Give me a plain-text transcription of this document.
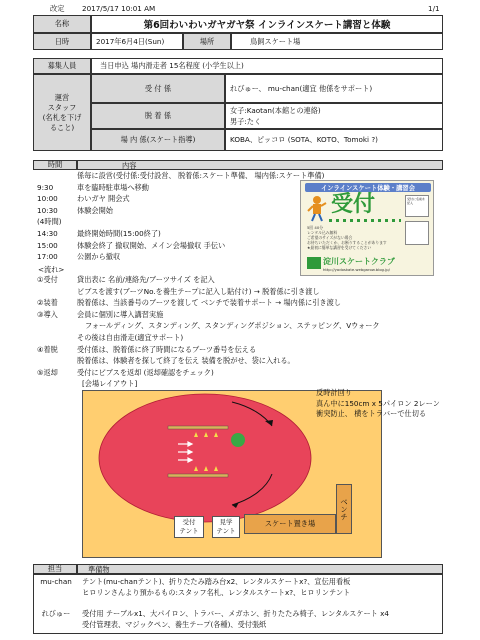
改定 2017/5/17 10:01 AM	1/1
名称	第6回わいわいガヤガヤ祭 インラインスケート講習と体験
日時	2017年6月4日(Sun)	場所	鳥飼スケート場
募集人員	当日申込 場内滑走者 15名程度 (小学生以上)
運営
スタッフ
(名札を下げ
ること)
受 付 係	れびゅー、 mu-chan(適宜 他係をサポート)
脱 着 係
女子:Kaotan(本館との連絡)
男子:たく
場 内 係(スケート指導)	KOBA、ピッコロ (SOTA、KOTO、Tomoki ?)
時間	内容
係毎に設営(受付係:受付設営、 脱着係:スケート準備、 場内係:スケート準備)
9:30	車を臨時駐車場へ移動
10:00	わいガヤ 開会式
10:30	体験会開始
(4時間)
14:30	最終開始時間(15:00終了)
15:00	体験会終了 撤収開始、メイン会場撤収 手伝い
17:00	公園から撤収
インラインスケート体験・講習会
受付	受付に名前を記入
5回 40分
レンタル込み無料
ご希望のサイズがない場合
お待ちいただくか、お断りすることがあります
★最初に簡単な講習を受けてください
淀川スケートクラブ
http://yodoskate.webgarow.blog.jp/
<流れ>
①受付	貸出表に 名前/連絡先/ブーツサイズ を記入
ビブスを渡す(ブーツNo.を養生テープに記入し貼付け) → 脱着係に引き渡し
②装着	脱着係は、当該番号のブーツを渡して ベンチで装着サポート → 場内係に引き渡し
③導入	会員に個別に導入講習実施
フォールディング、スタンディング、スタンディングポジション、ステッピング、Vウォーク
その後は自由滑走(適宜サポート)
④着脱	受付係は、脱着係に終了時間になるブーツ番号を伝える
脱着係は、体験者を探して終了を伝え 装備を脱がせ、袋に入れる。
⑤返却	受付にビブスを返却 (返却確認をチェック)
[会場レイアウト]
ベンチ
スケート置き場
受付
テント
見学
テント
反時計回り
真ん中に150cm x 5パイロン 2レーン
衝突防止、 横をトラバーで仕切る
担当	準備物
mu-chan	テント(mu-chanテント)、折りたたみ踏み台x2、レンタルスケートx?、宣伝用看板
ヒロリンさんより預かるもの:スタッフ名札、レンタルスケートx?、ヒロリンテント
れびゅー	受付用 テーブルx1、大パイロン、トラバー、メガホン、折りたたみ椅子、レンタルスケート x4
受付管理表、マジックペン、養生テープ(各種)、受付張紙
